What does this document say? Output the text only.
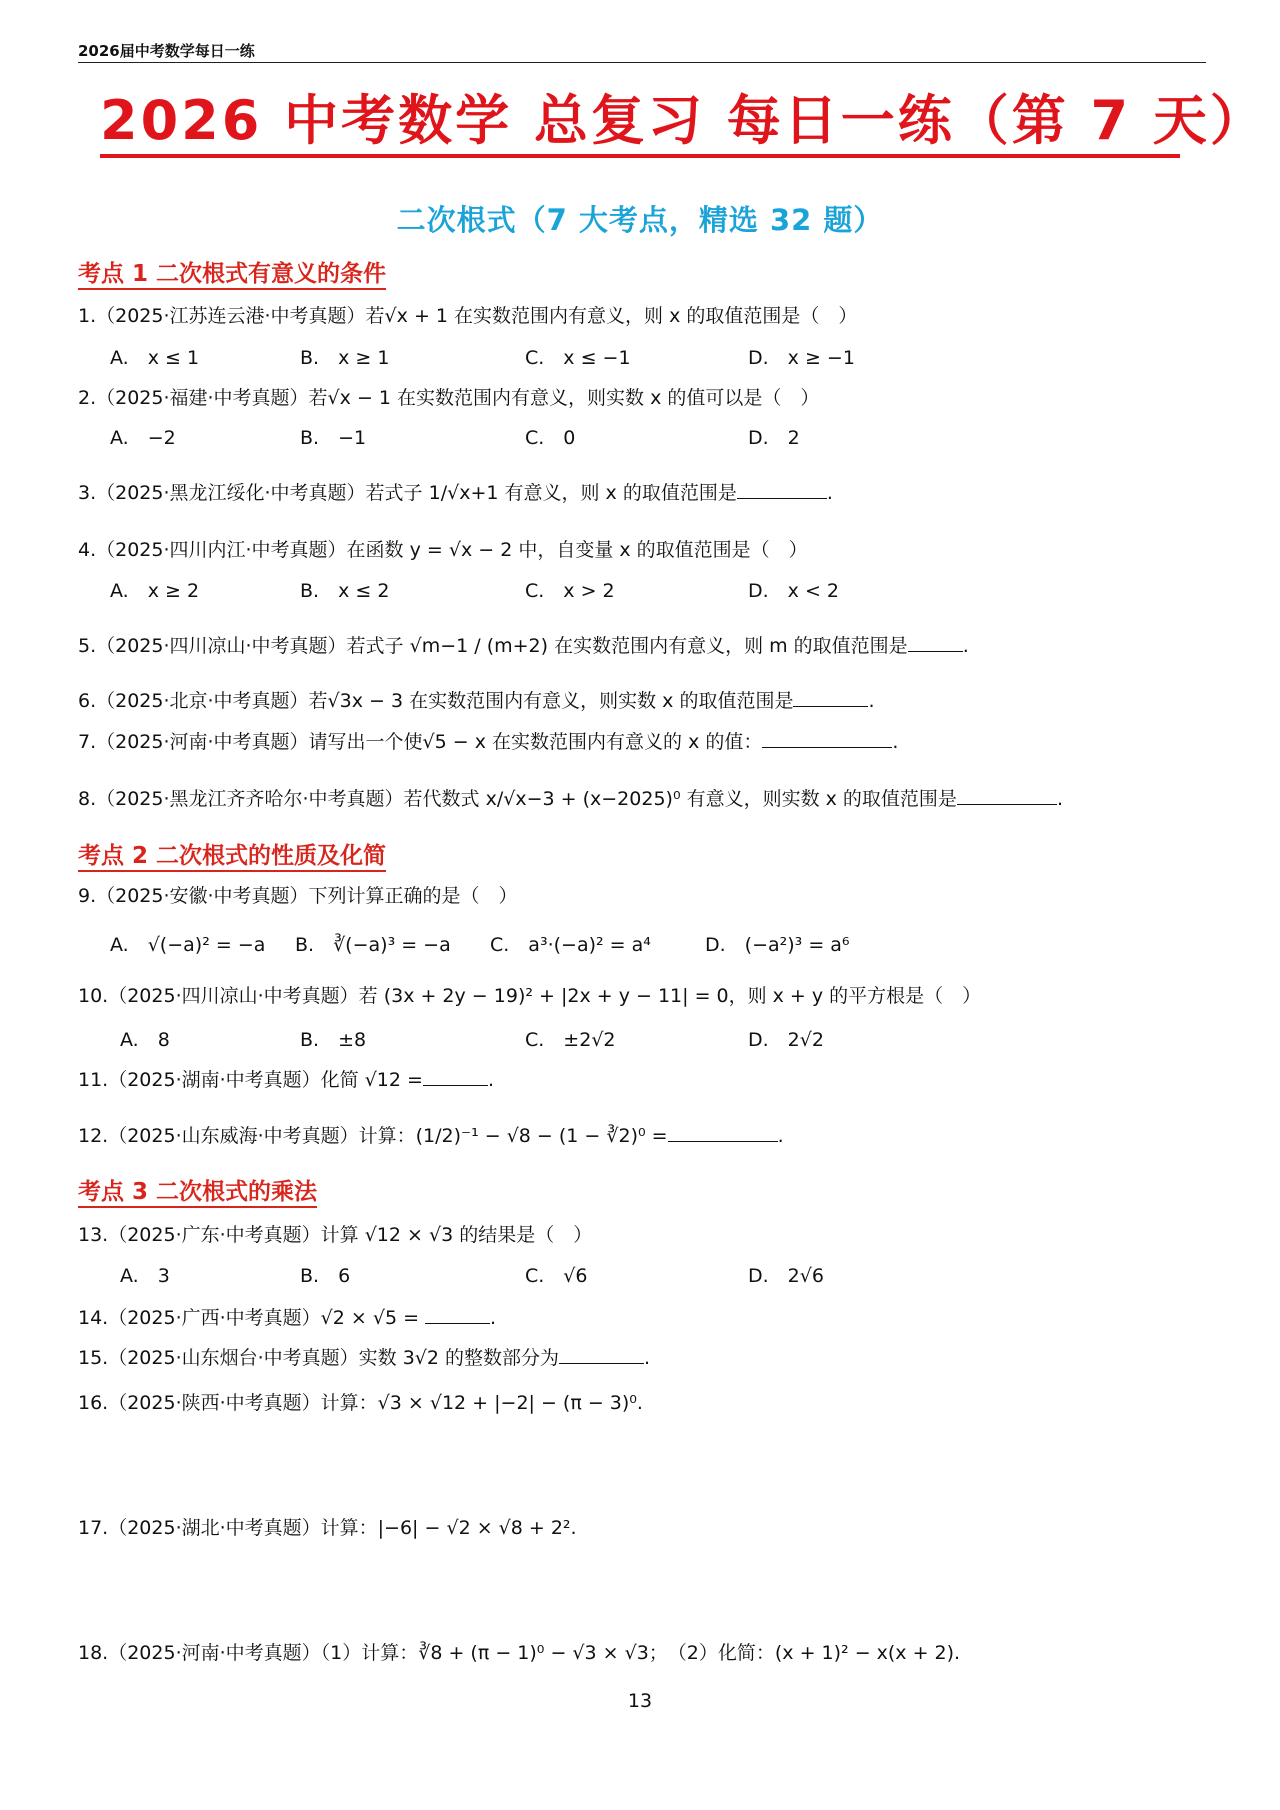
2026届中考数学每日一练
2026 中考数学 总复习 每日一练（第 7 天）
二次根式（7 大考点，精选 32 题）
考点 1 二次根式有意义的条件
1.（2025·江苏连云港·中考真题）若√x + 1 在实数范围内有意义，则 x 的取值范围是（　）
A.　x ≤ 1	B.　x ≥ 1	C.　x ≤ −1	D.　x ≥ −1
2.（2025·福建·中考真题）若√x − 1 在实数范围内有意义，则实数 x 的值可以是（　）
A.　−2	B.　−1	C.　0	D.　2
3.（2025·黑龙江绥化·中考真题）若式子 1/√x+1 有意义，则 x 的取值范围是	.
4.（2025·四川内江·中考真题）在函数 y = √x − 2 中，自变量 x 的取值范围是（　）
A.　x ≥ 2	B.　x ≤ 2	C.　x > 2	D.　x < 2
5.（2025·四川凉山·中考真题）若式子 √m−1 / (m+2) 在实数范围内有意义，则 m 的取值范围是	.
6.（2025·北京·中考真题）若√3x − 3 在实数范围内有意义，则实数 x 的取值范围是	.
7.（2025·河南·中考真题）请写出一个使√5 − x 在实数范围内有意义的 x 的值：	.
8.（2025·黑龙江齐齐哈尔·中考真题）若代数式 x/√x−3 + (x−2025)⁰ 有意义，则实数 x 的取值范围是	.
考点 2 二次根式的性质及化简
9.（2025·安徽·中考真题）下列计算正确的是（　）
A.　√(−a)² = −a B.　∛(−a)³ = −a C.　a³·(−a)² = a⁴	D.　(−a²)³ = a⁶
10.（2025·四川凉山·中考真题）若 (3x + 2y − 19)² + |2x + y − 11| = 0，则 x + y 的平方根是（　）
A.　8	B.　±8	C.　±2√2	D.　2√2
11.（2025·湖南·中考真题）化简 √12 =	.
12.（2025·山东威海·中考真题）计算：(1/2)⁻¹ − √8 − (1 − ∛2)⁰ =	.
考点 3 二次根式的乘法
13.（2025·广东·中考真题）计算 √12 × √3 的结果是（　）
A.　3	B.　6	C.　√6	D.　2√6
14.（2025·广西·中考真题）√2 × √5 =	.
15.（2025·山东烟台·中考真题）实数 3√2 的整数部分为	.
16.（2025·陕西·中考真题）计算：√3 × √12 + |−2| − (π − 3)⁰.
17.（2025·湖北·中考真题）计算：|−6| − √2 × √8 + 2².
18.（2025·河南·中考真题）（1）计算：∛8 + (π − 1)⁰ − √3 × √3；　（2）化简：(x + 1)² − x(x + 2).
13
